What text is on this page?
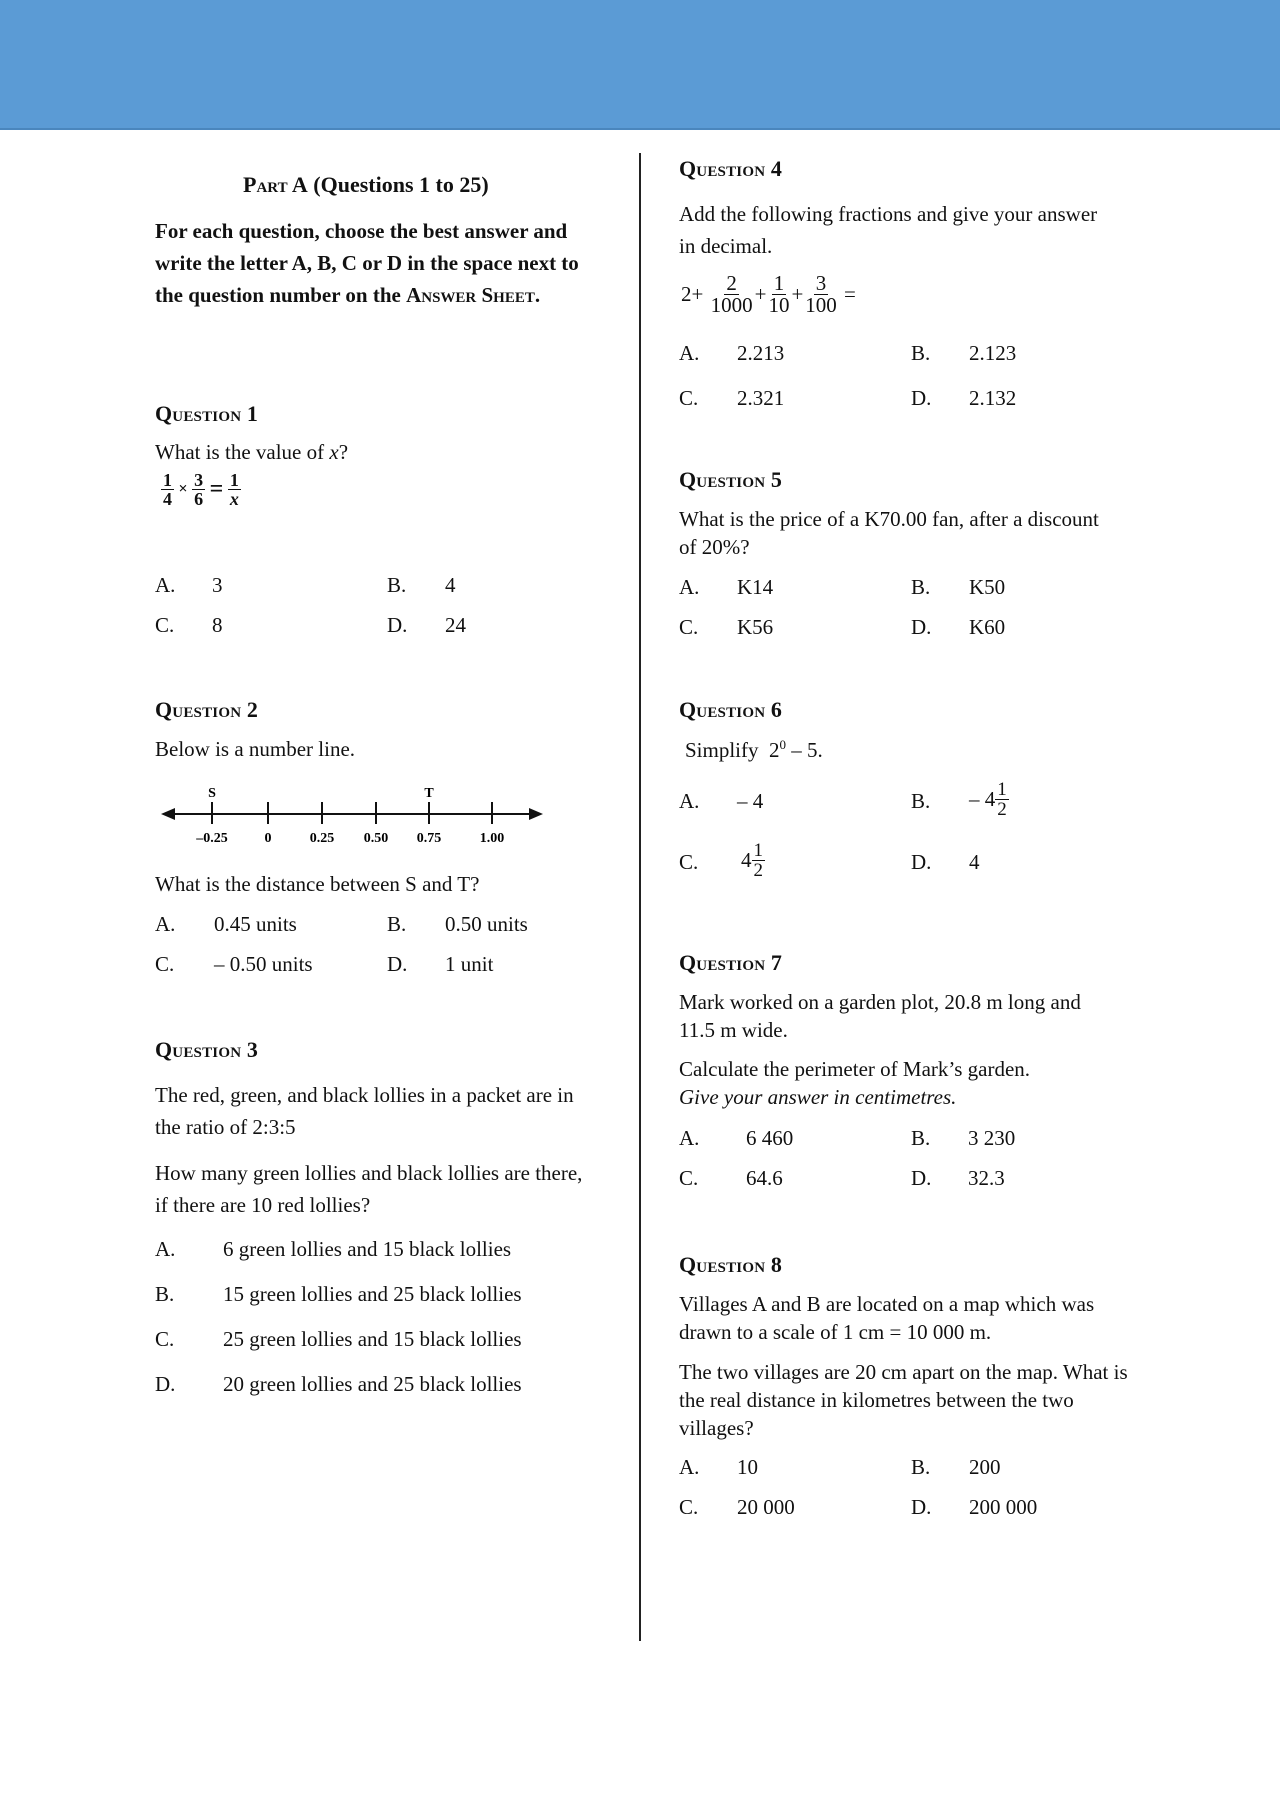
Part A (Questions 1 to 25)
For each question, choose the best answer and write the letter A, B, C or D in the space next to the question number on the Answer Sheet.
Question 1
What is the value of x?
$\frac{1}{4} \times \frac{3}{6} = \frac{1}{x}$
A. 3	B. 4
C. 8	D. 24
Question 2
Below is a number line.
–0.25	0	0.25 0.50 0.75	1.00
S	T
What is the distance between S and T?
A. 0.45 units	B. 0.50 units
C. – 0.50 units	D. 1 unit
Question 3
The red, green, and black lollies in a packet are in the ratio of 2:3:5
How many green lollies and black lollies are there, if there are 10 red lollies?
A. 6 green lollies and 15 black lollies
B. 15 green lollies and 25 black lollies
C. 25 green lollies and 15 black lollies
D. 20 green lollies and 25 black lollies
Question 4
Add the following fractions and give your answer in decimal.
$2+ \frac{2}{1000} + \frac{1}{10} + \frac{3}{100}$ =
A. 2.213	B. 2.123
C. 2.321	D. 2.132
Question 5
What is the price of a K70.00 fan, after a discount of 20%?
A. K14	B. K50
C. K56	D. K60
Question 6
Simplify $2^0 - 5$.
A. – 4	B. – $4 \frac{1}{2}$
C. $4 \frac{1}{2}$	D. 4
Question 7
Mark worked on a garden plot, 20.8 m long and 11.5 m wide.
Calculate the perimeter of Mark’s garden.
Give your answer in centimetres.
A. 6 460	B. 3 230
C. 64.6	D. 32.3
Question 8
Villages A and B are located on a map which was drawn to a scale of 1 cm = 10 000 m.
The two villages are 20 cm apart on the map. What is the real distance in kilometres between the two villages?
A. 10	B. 200
C. 20 000	D. 200 000
